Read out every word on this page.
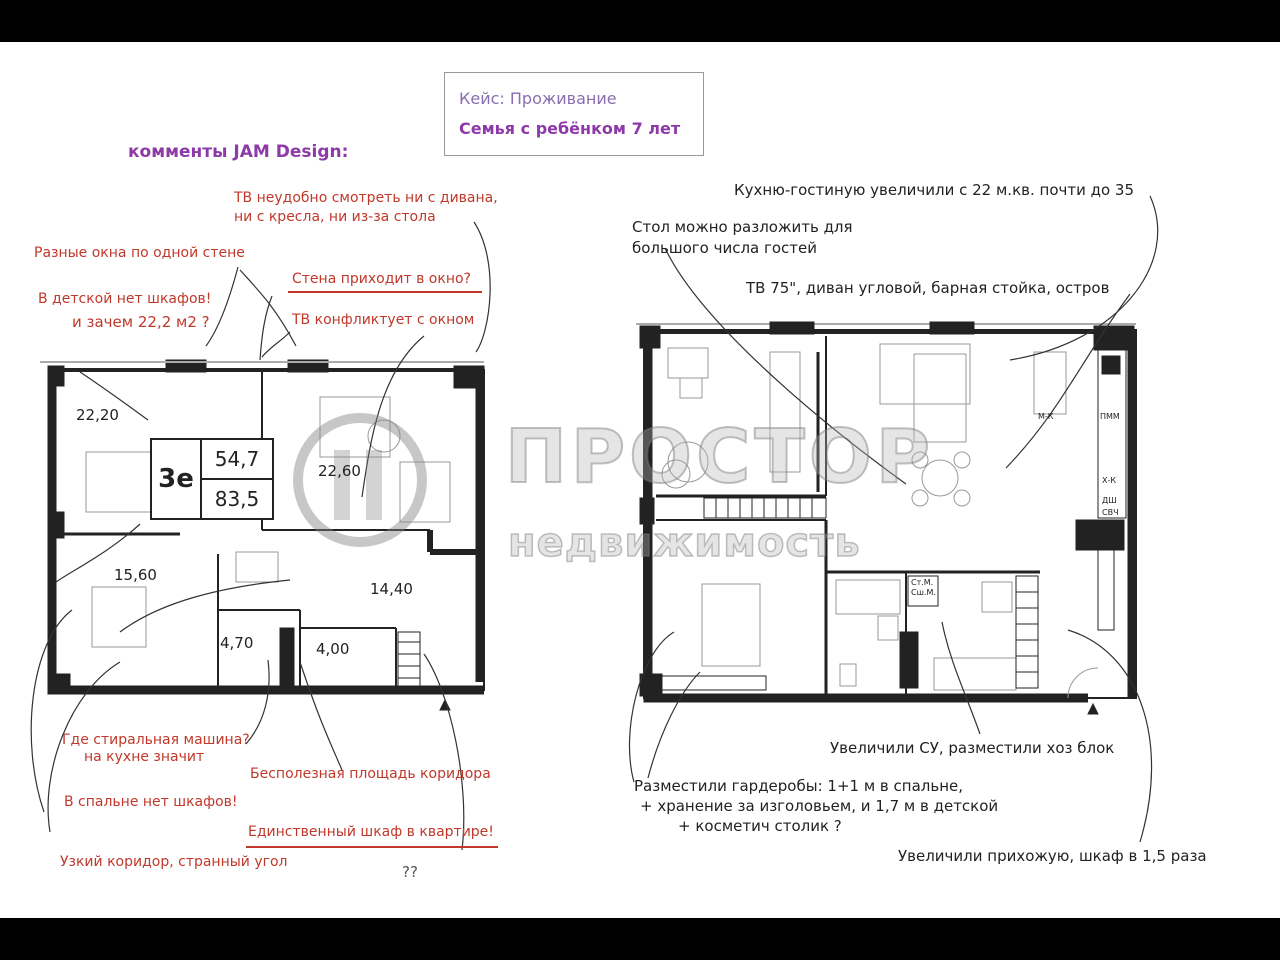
Кейс: Проживание
Семья с ребёнком 7 лет
комменты JAM Design:
ПРОСТОР
недвижимость
3е
54,7
83,5
22,20
22,60
15,60
14,40
4,70	4,00
ТВ неудобно смотреть ни с дивана,
ни с кресла, ни из-за стола
Разные окна по одной стене
Стена приходит в окно?
В детской нет шкафов!
и зачем 22,2 м2 ?	ТВ конфликтует с окном
Где стиральная машина?
на кухне значит
Бесполезная площадь коридора
В спальне нет шкафов!
Единственный шкаф в квартире!
Узкий коридор, странный угол
??
М-К	ПММ
Х-К
ДШ
СВЧ
Ст.М.
Сш.М.
Кухню-гостиную увеличили с 22 м.кв. почти до 35
Стол можно разложить для
большого числа гостей
ТВ 75", диван угловой, барная стойка, остров
Увеличили СУ, разместили хоз блок
Разместили гардеробы: 1+1 м в спальне,
+ хранение за изголовьем, и 1,7 м в детской
+ косметич столик ?
Увеличили прихожую, шкаф в 1,5 раза
